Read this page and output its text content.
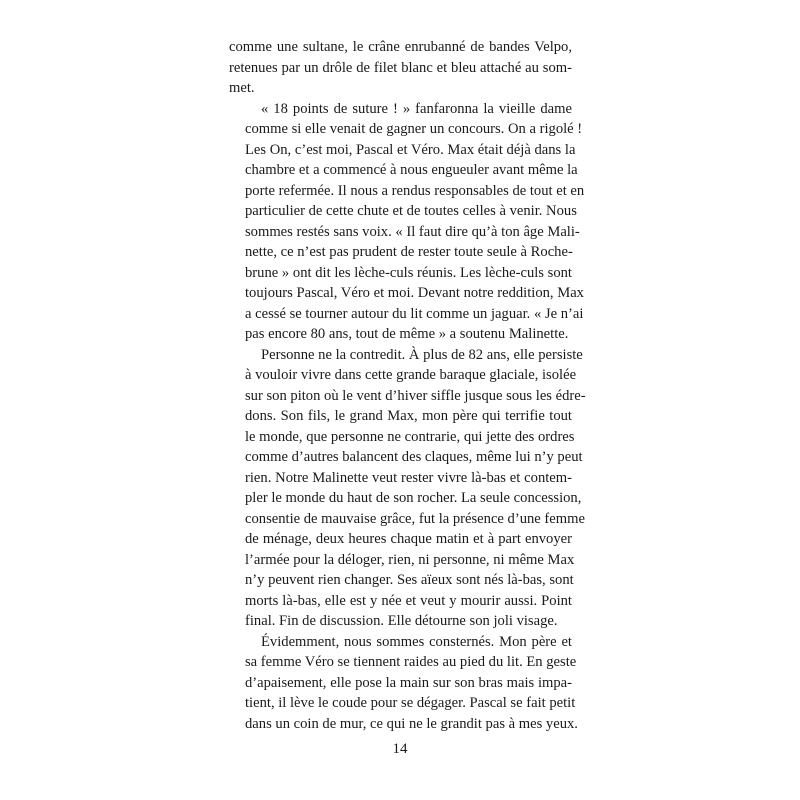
comme une sultane, le crâne enrubanné de bandes Velpo,
retenues par un drôle de filet blanc et bleu attaché au som-
met.
« 18 points de suture ! » fanfaronna la vieille dame
comme si elle venait de gagner un concours. On a rigolé !
Les On, c’est moi, Pascal et Véro. Max était déjà dans la
chambre et a commencé à nous engueuler avant même la
porte refermée. Il nous a rendus responsables de tout et en
particulier de cette chute et de toutes celles à venir. Nous
sommes restés sans voix. « Il faut dire qu’à ton âge Mali-
nette, ce n’est pas prudent de rester toute seule à Roche-
brune » ont dit les lèche-culs réunis. Les lèche-culs sont
toujours Pascal, Véro et moi. Devant notre reddition, Max
a cessé se tourner autour du lit comme un jaguar. « Je n’ai
pas encore 80 ans, tout de même » a soutenu Malinette.
Personne ne la contredit. À plus de 82 ans, elle persiste
à vouloir vivre dans cette grande baraque glaciale, isolée
sur son piton où le vent d’hiver siffle jusque sous les édre-
dons. Son fils, le grand Max, mon père qui terrifie tout
le monde, que personne ne contrarie, qui jette des ordres
comme d’autres balancent des claques, même lui n’y peut
rien. Notre Malinette veut rester vivre là-bas et contem-
pler le monde du haut de son rocher. La seule concession,
consentie de mauvaise grâce, fut la présence d’une femme
de ménage, deux heures chaque matin et à part envoyer
l’armée pour la déloger, rien, ni personne, ni même Max
n’y peuvent rien changer. Ses aïeux sont nés là-bas, sont
morts là-bas, elle est y née et veut y mourir aussi. Point
final. Fin de discussion. Elle détourne son joli visage.
Évidemment, nous sommes consternés. Mon père et
sa femme Véro se tiennent raides au pied du lit. En geste
d’apaisement, elle pose la main sur son bras mais impa-
tient, il lève le coude pour se dégager. Pascal se fait petit
dans un coin de mur, ce qui ne le grandit pas à mes yeux.
14
